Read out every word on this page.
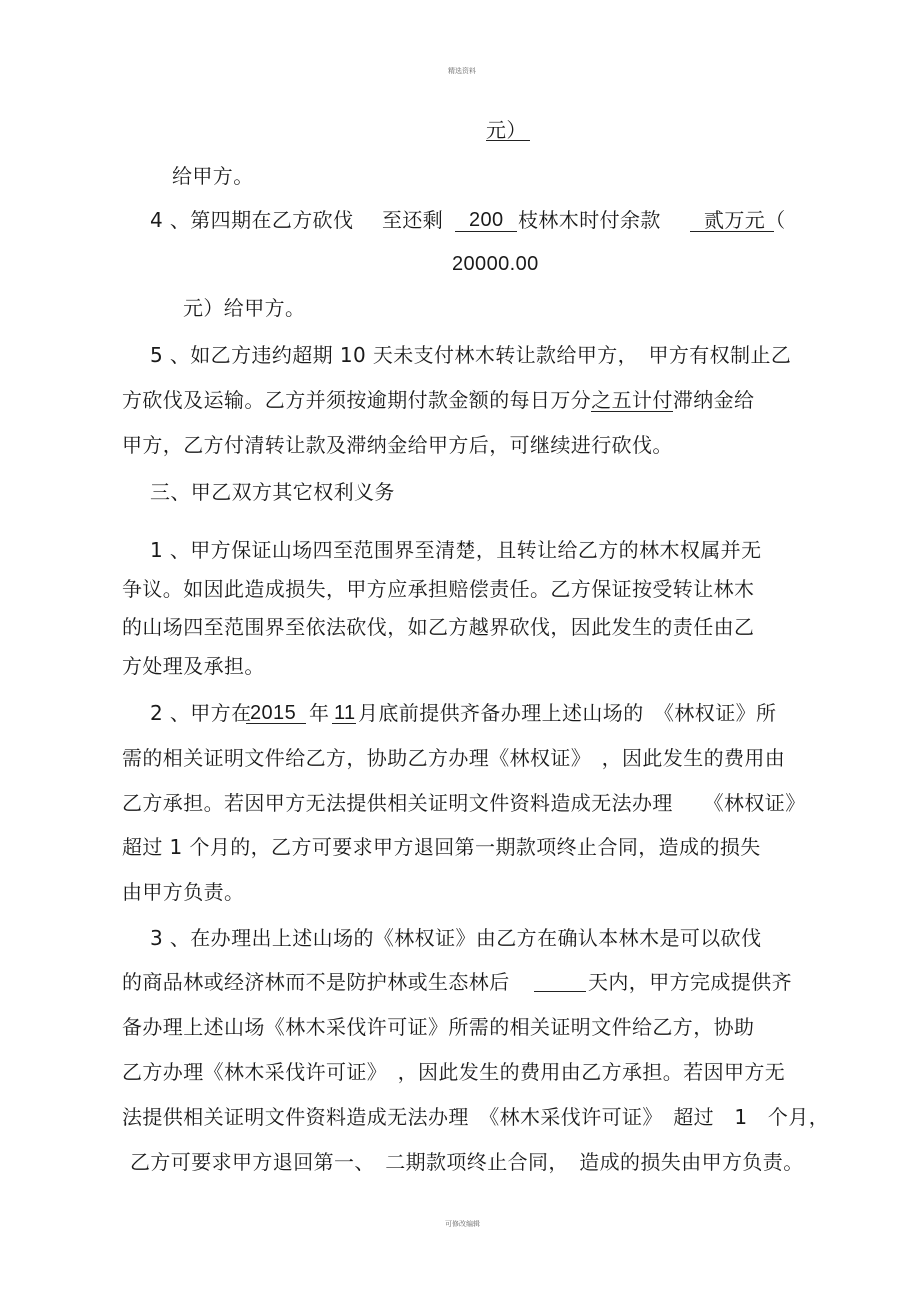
精选资料
元）
给甲方。
4 、第四期在乙方砍伐 至还剩 200 枝林木时付余款 贰万元（
20000.00
元）给甲方。
5 、如乙方违约超期 10 天未支付林木转让款给甲方，　甲方有权制止乙
方砍伐及运输。乙方并须按逾期付款金额的每日万分之五计付滞纳金给
甲方，乙方付清转让款及滞纳金给甲方后，可继续进行砍伐。
三、甲乙双方其它权利义务
1 、甲方保证山场四至范围界至清楚，且转让给乙方的林木权属并无
争议。如因此造成损失，甲方应承担赔偿责任。乙方保证按受转让林木
的山场四至范围界至依法砍伐，如乙方越界砍伐，因此发生的责任由乙
方处理及承担。
2 、甲方在
2015 年 11 月底前提供齐备办理上述山场的　《林权证》所
需的相关证明文件给乙方，协助乙方办理《林权证》　，因此发生的费用由
乙方承担。若因甲方无法提供相关证明文件资料造成无法办理　　《林权证》
超过 1 个月的，乙方可要求甲方退回第一期款项终止合同，造成的损失
由甲方负责。
3 、在办理出上述山场的《林权证》由乙方在确认本林木是可以砍伐
的商品林或经济林而不是防护林或生态林后	天内，甲方完成提供齐
备办理上述山场《林木采伐许可证》所需的相关证明文件给乙方，协助
乙方办理《林木采伐许可证》　，因此发生的费用由乙方承担。若因甲方无
法提供相关证明文件资料造成无法办理　《林木采伐许可证》　超过　1　个月，
乙方可要求甲方退回第一、　二期款项终止合同，　造成的损失由甲方负责。
可修改编辑
